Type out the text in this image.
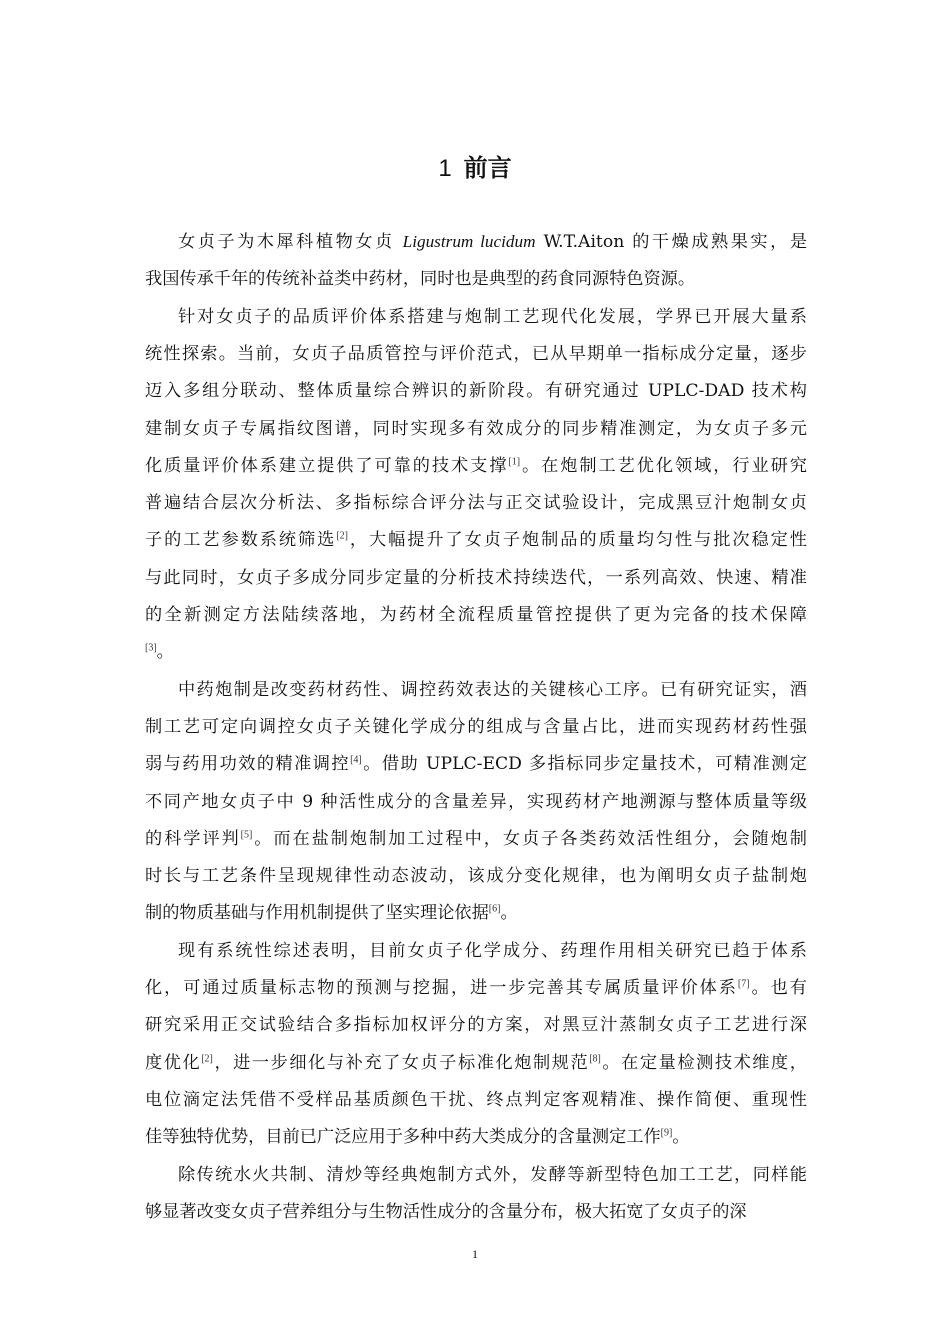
1 前言
女贞子为木犀科植物女贞 Ligustrum lucidum W.T.Aiton 的干燥成熟果实，是
我国传承千年的传统补益类中药材，同时也是典型的药食同源特色资源。
针对女贞子的品质评价体系搭建与炮制工艺现代化发展，学界已开展大量系
统性探索。当前，女贞子品质管控与评价范式，已从早期单一指标成分定量，逐步
迈入多组分联动、整体质量综合辨识的新阶段。有研究通过 UPLC-DAD 技术构
建制女贞子专属指纹图谱，同时实现多有效成分的同步精准测定，为女贞子多元
化质量评价体系建立提供了可靠的技术支撑[1]。在炮制工艺优化领域，行业研究
普遍结合层次分析法、多指标综合评分法与正交试验设计，完成黑豆汁炮制女贞
子的工艺参数系统筛选[2]，大幅提升了女贞子炮制品的质量均匀性与批次稳定性
与此同时，女贞子多成分同步定量的分析技术持续迭代，一系列高效、快速、精准
的全新测定方法陆续落地，为药材全流程质量管控提供了更为完备的技术保障
[3]。
中药炮制是改变药材药性、调控药效表达的关键核心工序。已有研究证实，酒
制工艺可定向调控女贞子关键化学成分的组成与含量占比，进而实现药材药性强
弱与药用功效的精准调控[4]。借助 UPLC-ECD 多指标同步定量技术，可精准测定
不同产地女贞子中 9 种活性成分的含量差异，实现药材产地溯源与整体质量等级
的科学评判[5]。而在盐制炮制加工过程中，女贞子各类药效活性组分，会随炮制
时长与工艺条件呈现规律性动态波动，该成分变化规律，也为阐明女贞子盐制炮
制的物质基础与作用机制提供了坚实理论依据[6]。
现有系统性综述表明，目前女贞子化学成分、药理作用相关研究已趋于体系
化，可通过质量标志物的预测与挖掘，进一步完善其专属质量评价体系[7]。也有
研究采用正交试验结合多指标加权评分的方案，对黑豆汁蒸制女贞子工艺进行深
度优化[2]，进一步细化与补充了女贞子标准化炮制规范[8]。在定量检测技术维度，
电位滴定法凭借不受样品基质颜色干扰、终点判定客观精准、操作简便、重现性
佳等独特优势，目前已广泛应用于多种中药大类成分的含量测定工作[9]。
除传统水火共制、清炒等经典炮制方式外，发酵等新型特色加工工艺，同样能
够显著改变女贞子营养组分与生物活性成分的含量分布，极大拓宽了女贞子的深
1
